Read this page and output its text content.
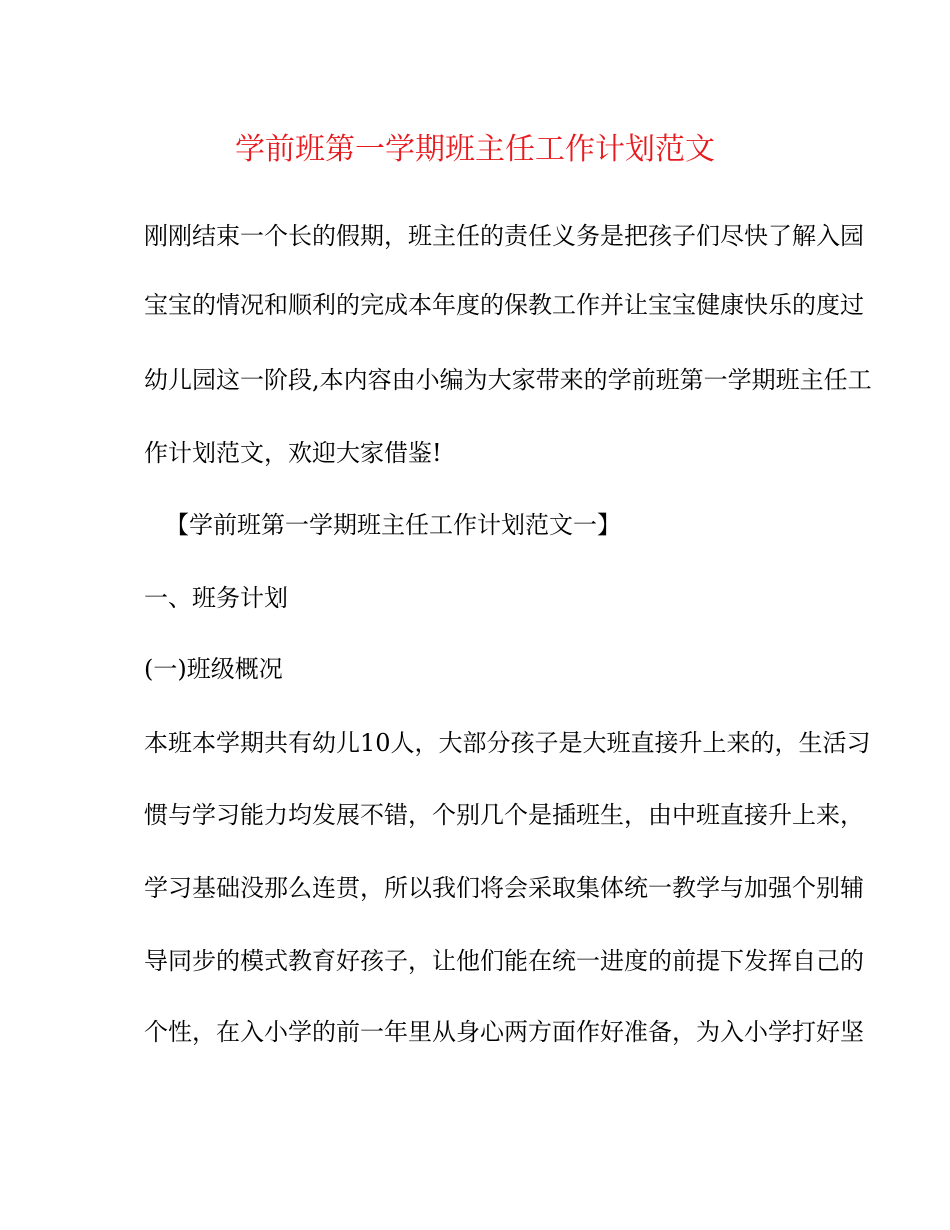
学前班第一学期班主任工作计划范文
刚刚结束一个长的假期，班主任的责任义务是把孩子们尽快了解入园
宝宝的情况和顺利的完成本年度的保教工作并让宝宝健康快乐的度过
幼儿园这一阶段,本内容由小编为大家带来的学前班第一学期班主任工
作计划范文，欢迎大家借鉴!
【学前班第一学期班主任工作计划范文一】
一、班务计划
(一)班级概况
本班本学期共有幼儿10人，大部分孩子是大班直接升上来的，生活习
惯与学习能力均发展不错，个别几个是插班生，由中班直接升上来，
学习基础没那么连贯，所以我们将会采取集体统一教学与加强个别辅
导同步的模式教育好孩子，让他们能在统一进度的前提下发挥自己的
个性，在入小学的前一年里从身心两方面作好准备，为入小学打好坚
